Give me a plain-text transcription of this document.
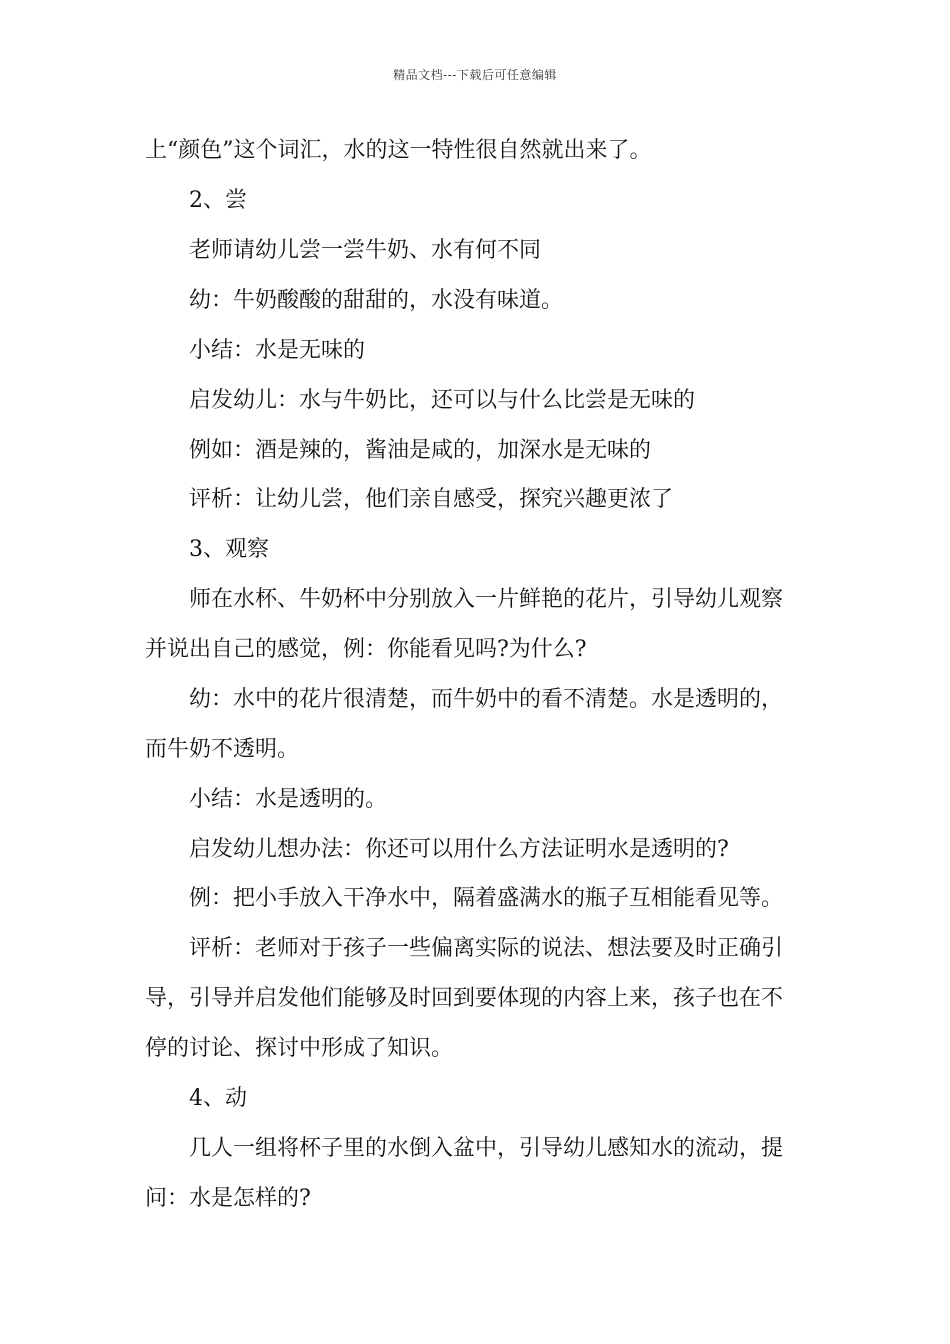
精品文档---下载后可任意编辑
上“颜色”这个词汇，水的这一特性很自然就出来了。
2、尝
老师请幼儿尝一尝牛奶、水有何不同
幼：牛奶酸酸的甜甜的，水没有味道。
小结：水是无味的
启发幼儿：水与牛奶比，还可以与什么比尝是无味的
例如：酒是辣的，酱油是咸的，加深水是无味的
评析：让幼儿尝，他们亲自感受，探究兴趣更浓了
3、观察
师在水杯、牛奶杯中分别放入一片鲜艳的花片，引导幼儿观察
并说出自己的感觉，例：你能看见吗?为什么?
幼：水中的花片很清楚，而牛奶中的看不清楚。水是透明的，
而牛奶不透明。
小结：水是透明的。
启发幼儿想办法：你还可以用什么方法证明水是透明的?
例：把小手放入干净水中，隔着盛满水的瓶子互相能看见等。
评析：老师对于孩子一些偏离实际的说法、想法要及时正确引
导，引导并启发他们能够及时回到要体现的内容上来，孩子也在不
停的讨论、探讨中形成了知识。
4、动
几人一组将杯子里的水倒入盆中，引导幼儿感知水的流动，提
问：水是怎样的?
